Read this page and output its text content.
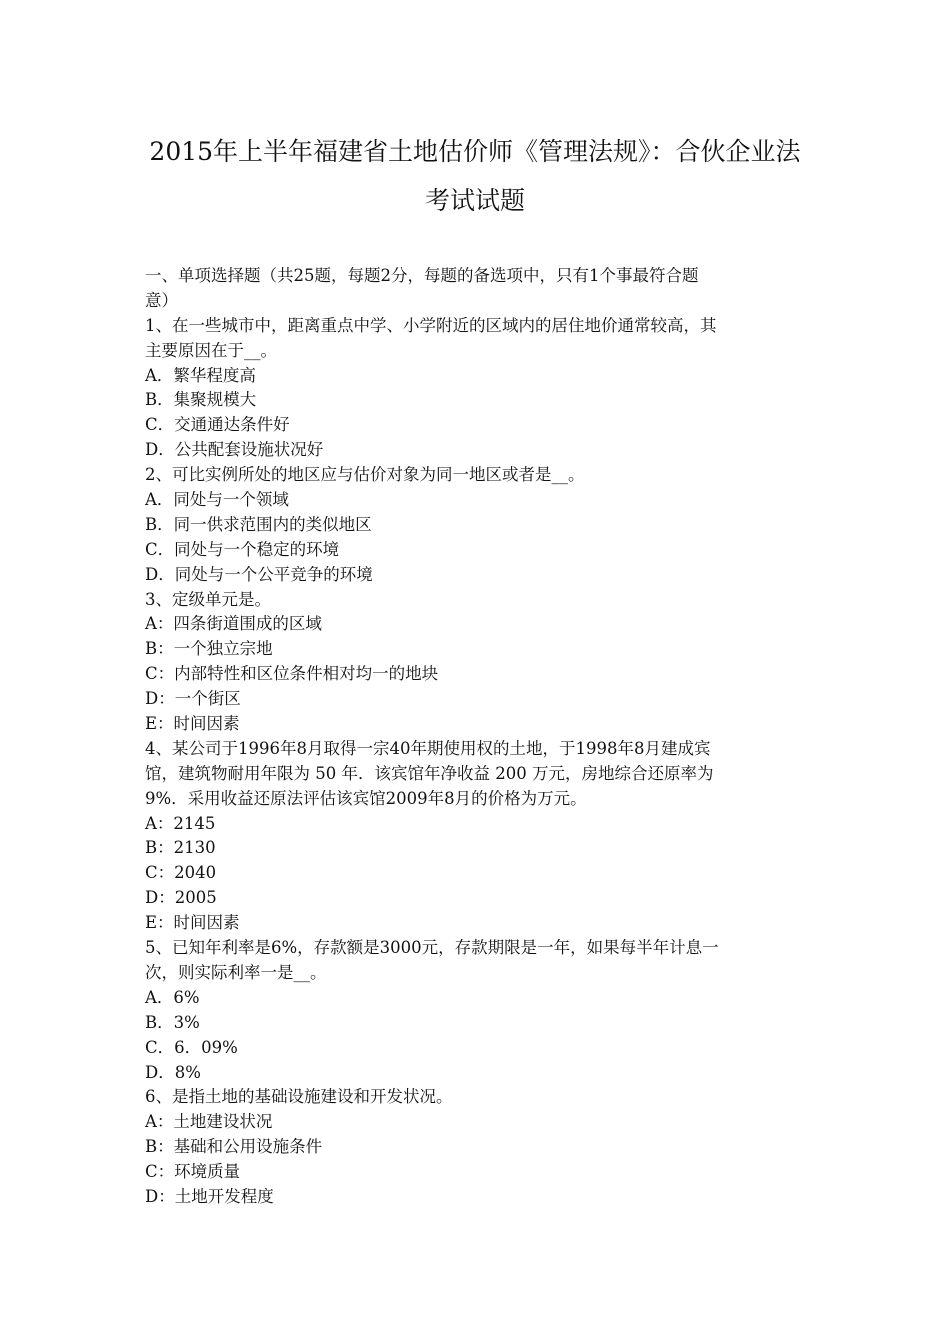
2015年上半年福建省土地估价师《管理法规》：合伙企业法
考试试题
一、单项选择题（共25题，每题2分，每题的备选项中，只有1个事最符合题
意）
1、在一些城市中，距离重点中学、小学附近的区域内的居住地价通常较高，其
主要原因在于__。
A．繁华程度高
B．集聚规模大
C．交通通达条件好
D．公共配套设施状况好
2、可比实例所处的地区应与估价对象为同一地区或者是__。
A．同处与一个领域
B．同一供求范围内的类似地区
C．同处与一个稳定的环境
D．同处与一个公平竞争的环境
3、定级单元是。
A：四条街道围成的区域
B：一个独立宗地
C：内部特性和区位条件相对均一的地块
D：一个街区
E：时间因素
4、某公司于1996年8月取得一宗40年期使用权的土地，于1998年8月建成宾
馆，建筑物耐用年限为 50 年．该宾馆年净收益 200 万元，房地综合还原率为
9%．采用收益还原法评估该宾馆2009年8月的价格为万元。
A：2145
B：2130
C：2040
D：2005
E：时间因素
5、已知年利率是6%，存款额是3000元，存款期限是一年，如果每半年计息一
次，则实际利率一是__。
A．6%
B．3%
C．6．09%
D．8%
6、是指土地的基础设施建设和开发状况。
A：土地建设状况
B：基础和公用设施条件
C：环境质量
D：土地开发程度
